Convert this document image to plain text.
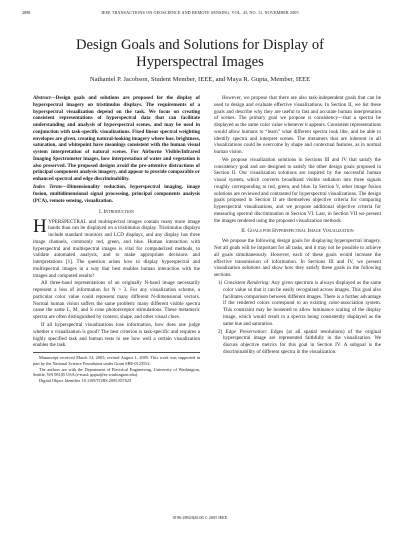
2888	IEEE TRANSACTIONS ON GEOSCIENCE AND REMOTE SENSING, VOL. 43, NO. 11, NOVEMBER 2005
Design Goals and Solutions for Display of Hyperspectral Images
Nathaniel P. Jacobson, Student Member, IEEE, and Maya R. Gupta, Member, IEEE

Abstract—Design goals and solutions are proposed for the display of hyperspectral imagery on tristimulus displays. The requirements of a hyperspectral visualization depend on the task. We focus on creating consistent representations of hyperspectral data that can facilitate understanding and analysis of hyperspectral scenes, and may be used in conjunction with task-specific visualizations. Fixed linear spectral weighting envelopes are given, creating natural-looking imagery where hue, brightness, saturation, and whitepoint have meanings consistent with the human visual system interpretation of natural scenes. For Airborne Visible/Infrared Imaging Spectrometer images, how interpretation of water and vegetation is also preserved. The proposed designs avoid the pre-attentive distractions of principal component analysis imagery, and appear to provide comparable or enhanced spectral and edge discriminability.

Index Terms—Dimensionality reduction, hyperspectral imaging, image fusion, multidimensional signal processing, principal components analysis (PCA), remote sensing, visualization.

I. Introduction

HYPERSPECTRAL and multispectral images contain many more image bands than can be displayed on a tristimulus display. Tristimulus displays include standard monitors and LCD displays, and any display has three image channels, commonly red, green, and blue. Human interaction with hyperspectral and multispectral images is vital for computerized methods, to validate automated analysis, and to make appropriate decisions and interpretations [1]. The question arises how to display hyperspectral and multispectral images in a way that best enables human interaction with the images and computed results?

All three-band representations of an originally N-band image necessarily represent a loss of information for N > 3. For any visualization scheme, a particular color value could represent many different N-dimensional vectors. Normal human vision suffers the same problem: many different visible spectra cause the same L, M, and S cone photoreceptor stimulations. These metameric spectra are often distinguished by context, shape, and other visual clues.

If all hyperspectral visualizations lose information, how does one judge whether a visualization is good? The best criterion is task-specific and requires a highly specified task and human tests to see how well a certain visualization enables the task.

Manuscript received March 14, 2005; revised August 1, 2005. This work was supported in part by the National Science Foundation under Grant SBE-0123552.

The authors are with the Department of Electrical Engineering, University of Washington, Seattle, WA 98105 USA (e-mail: gupta@ee.washington.edu).

Digital Object Identifier 10.1109/TGRS.2005.857623

However, we propose that there are also task-independent goals that can be used to design and evaluate effective visualizations. In Section II, we list these goals and describe why they are useful to fast and accurate human interpretation of scenes. The primary goal we propose is consistency—that a spectra be displayed as the same color value whenever it appears. Consistent representations would allow humans to “learn” what different spectra look like, and be able to identify spectra and interpret scenes. The metamers that are inherent in all visualizations could be overcome by shape and contextual features, as in normal human vision.

We propose visualization solutions in Sections III and IV that satisfy the consistency goal and are designed to satisfy the other design goals proposed in Section II. Our visualization solutions are inspired by the successful human visual system, which converts broadband visible radiation into three signals roughly corresponding to red, green, and blue. In Section V, other image fusion solutions are reviewed and contrasted for hyperspectral visualizations. The design goals proposed in Section II are themselves objective criteria for comparing hyperspectral visualizations, and we propose additional objective criteria for measuring spectral discrimination in Section VI. Last, in Section VII we present the images rendered using the proposed visualization methods.

II. Goals for Hyperspectral Image Visualization

We propose the following design goals for displaying hyperspectral imagery. Not all goals will be important for all tasks, and it may not be possible to achieve all goals simultaneously. However, each of these goals would increase the effective transmission of information. In Sections III and IV, we present visualization solutions and show how they satisfy these goals in the following sections.

1) Consistent Rendering: Any given spectrum is always displayed as the same color value so that it can be easily recognized across images. This goal also facilitates comparison between different images. There is a further advantage if the rendered colors correspond to an existing color-association system. This constraint may be loosened to allow luminance scaling of the display image, which would result in a spectra being consistently displayed as the same hue and saturation.
2) Edge Preservation: Edges (at all spatial resolutions) of the original hyperspectral image are represented faithfully in the visualization. We discuss objective metrics for this goal in Section IV. A subgoal is the discriminability of different spectra in the visualization.
0196-2892/$20.00 © 2005 IEEE
